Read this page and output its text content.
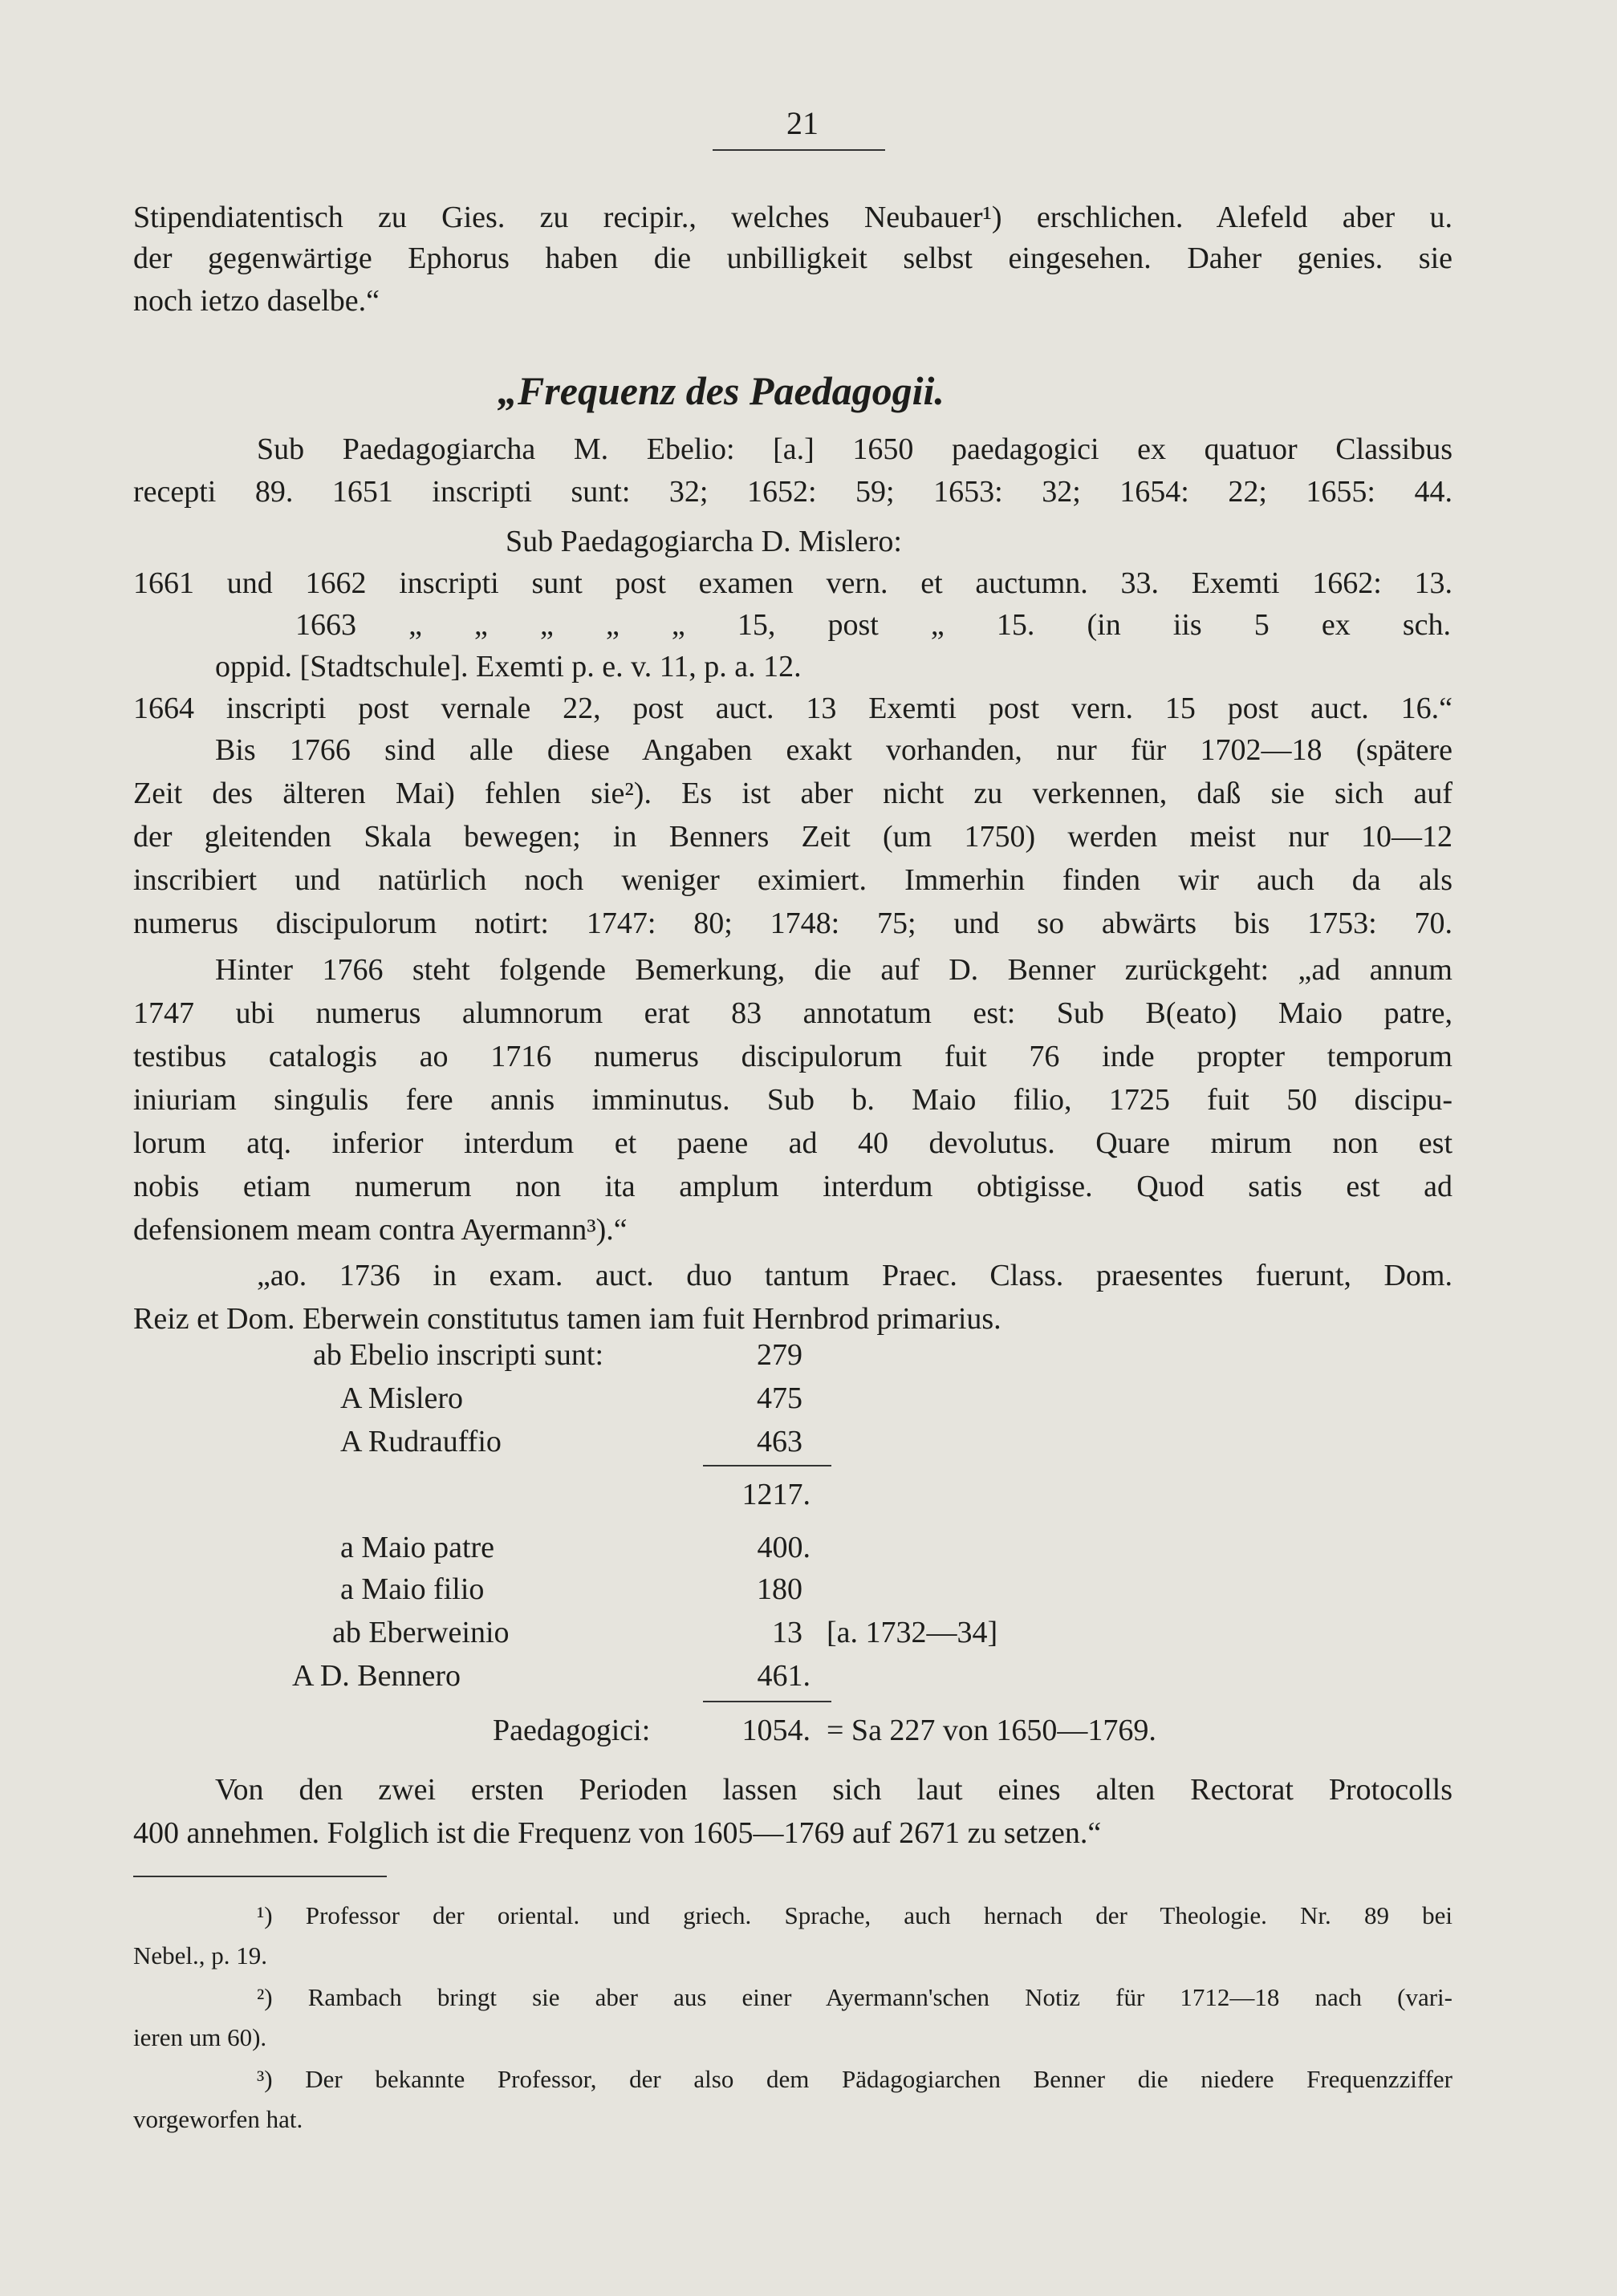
21
Stipendiatentisch zu Gies. zu recipir., welches Neubauer¹) erschlichen. Alefeld aber u.
der gegenwärtige Ephorus haben die unbilligkeit selbst eingesehen. Daher genies. sie
noch ietzo daselbe.“
„Frequenz des Paedagogii.
Sub Paedagogiarcha M. Ebelio: [a.] 1650 paedagogici ex quatuor Classibus
recepti 89. 1651 inscripti sunt: 32; 1652: 59; 1653: 32; 1654: 22; 1655: 44.
Sub Paedagogiarcha D. Mislero:
1661 und 1662 inscripti sunt post examen vern. et auctumn. 33. Exemti 1662: 13.
1663 „ „ „ „ „ 15, post „ 15. (in iis 5 ex sch.
oppid. [Stadtschule]. Exemti p. e. v. 11, p. a. 12.
1664 inscripti post vernale 22, post auct. 13 Exemti post vern. 15 post auct. 16.“
Bis 1766 sind alle diese Angaben exakt vorhanden, nur für 1702—18 (spätere
Zeit des älteren Mai) fehlen sie²). Es ist aber nicht zu verkennen, daß sie sich auf
der gleitenden Skala bewegen; in Benners Zeit (um 1750) werden meist nur 10—12
inscribiert und natürlich noch weniger eximiert. Immerhin finden wir auch da als
numerus discipulorum notirt: 1747: 80; 1748: 75; und so abwärts bis 1753: 70.
Hinter 1766 steht folgende Bemerkung, die auf D. Benner zurückgeht: „ad annum
1747 ubi numerus alumnorum erat 83 annotatum est: Sub B(eato) Maio patre,
testibus catalogis ao 1716 numerus discipulorum fuit 76 inde propter temporum
iniuriam singulis fere annis imminutus. Sub b. Maio filio, 1725 fuit 50 discipu-
lorum atq. inferior interdum et paene ad 40 devolutus. Quare mirum non est
nobis etiam numerum non ita amplum interdum obtigisse. Quod satis est ad
defensionem meam contra Ayermann³).“
„ao. 1736 in exam. auct. duo tantum Praec. Class. praesentes fuerunt, Dom.
Reiz et Dom. Eberwein constitutus tamen iam fuit Hernbrod primarius.
ab Ebelio inscripti sunt:	279
A Mislero	475
A Rudrauffio	463
1217.
a Maio patre	400.
a Maio filio	180
ab Eberweinio	13 [a. 1732—34]
A D. Bennero	461.
Paedagogici:	1054. = Sa 227 von 1650—1769.
Von den zwei ersten Perioden lassen sich laut eines alten Rectorat Protocolls
400 annehmen. Folglich ist die Frequenz von 1605—1769 auf 2671 zu setzen.“
¹) Professor der oriental. und griech. Sprache, auch hernach der Theologie. Nr. 89 bei
Nebel., p. 19.
²) Rambach bringt sie aber aus einer Ayermann'schen Notiz für 1712—18 nach (vari-
ieren um 60).
³) Der bekannte Professor, der also dem Pädagogiarchen Benner die niedere Frequenzziffer
vorgeworfen hat.
